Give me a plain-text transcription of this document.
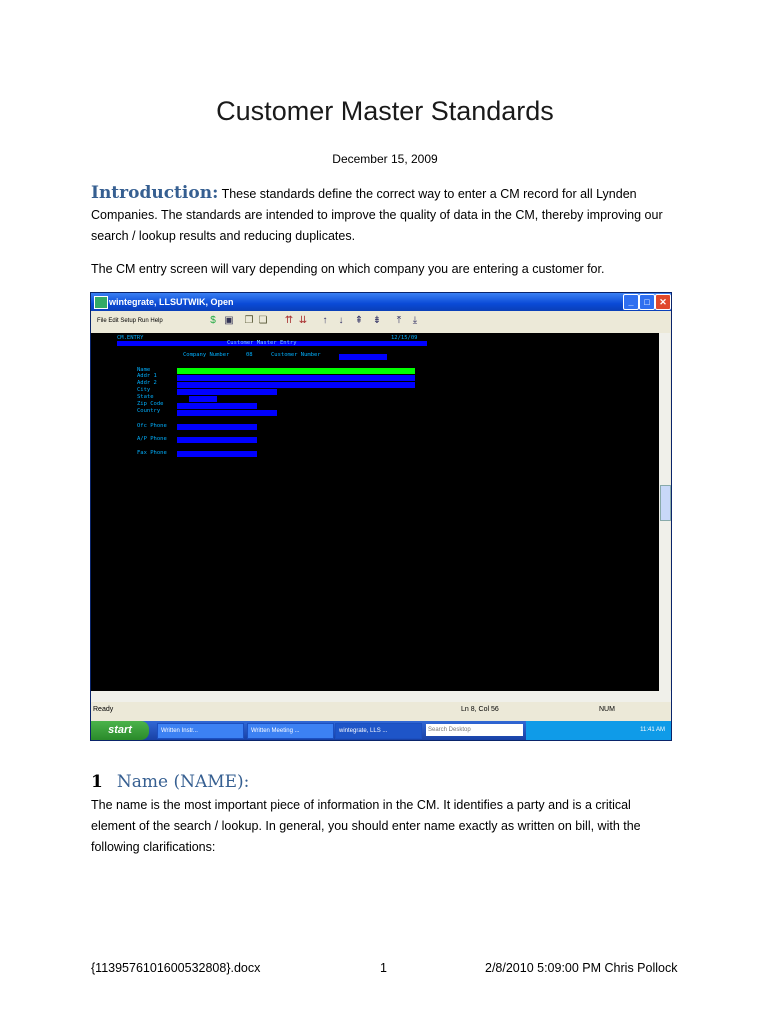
Customer Master Standards
December 15, 2009
Introduction: These standards define the correct way to enter a CM record for all Lynden Companies. The standards are intended to improve the quality of data in the CM, thereby improving our search / lookup results and reducing duplicates.
The CM entry screen will vary depending on which company you are entering a customer for.
wintegrate, LLSUTWIK, Open	_	□	✕
File Edit Setup Run Help	$ ▣ ❐ ❏ ⇈ ⇊	↑	↓	⇞ ⇟	⤒	⤓
CM.ENTRY	12/15/09
Customer Master Entry
Company Number	08	Customer Number
Name
Addr 1
Addr 2
City
State
Zip Code
Country
Ofc Phone
A/P Phone
Fax Phone
Ready	Ln 8, Col 56	NUM
start	Written Instr...	Written Meeting ...	wintegrate, LLS ...	Search Desktop	11:41 AM
1 Name (NAME):
The name is the most important piece of information in the CM. It identifies a party and is a critical element of the search / lookup. In general, you should enter name exactly as written on bill, with the following clarifications:
{113957610160053280​8}.docx	1	2/8/2010 5:09:00 PM Chris Pollock
